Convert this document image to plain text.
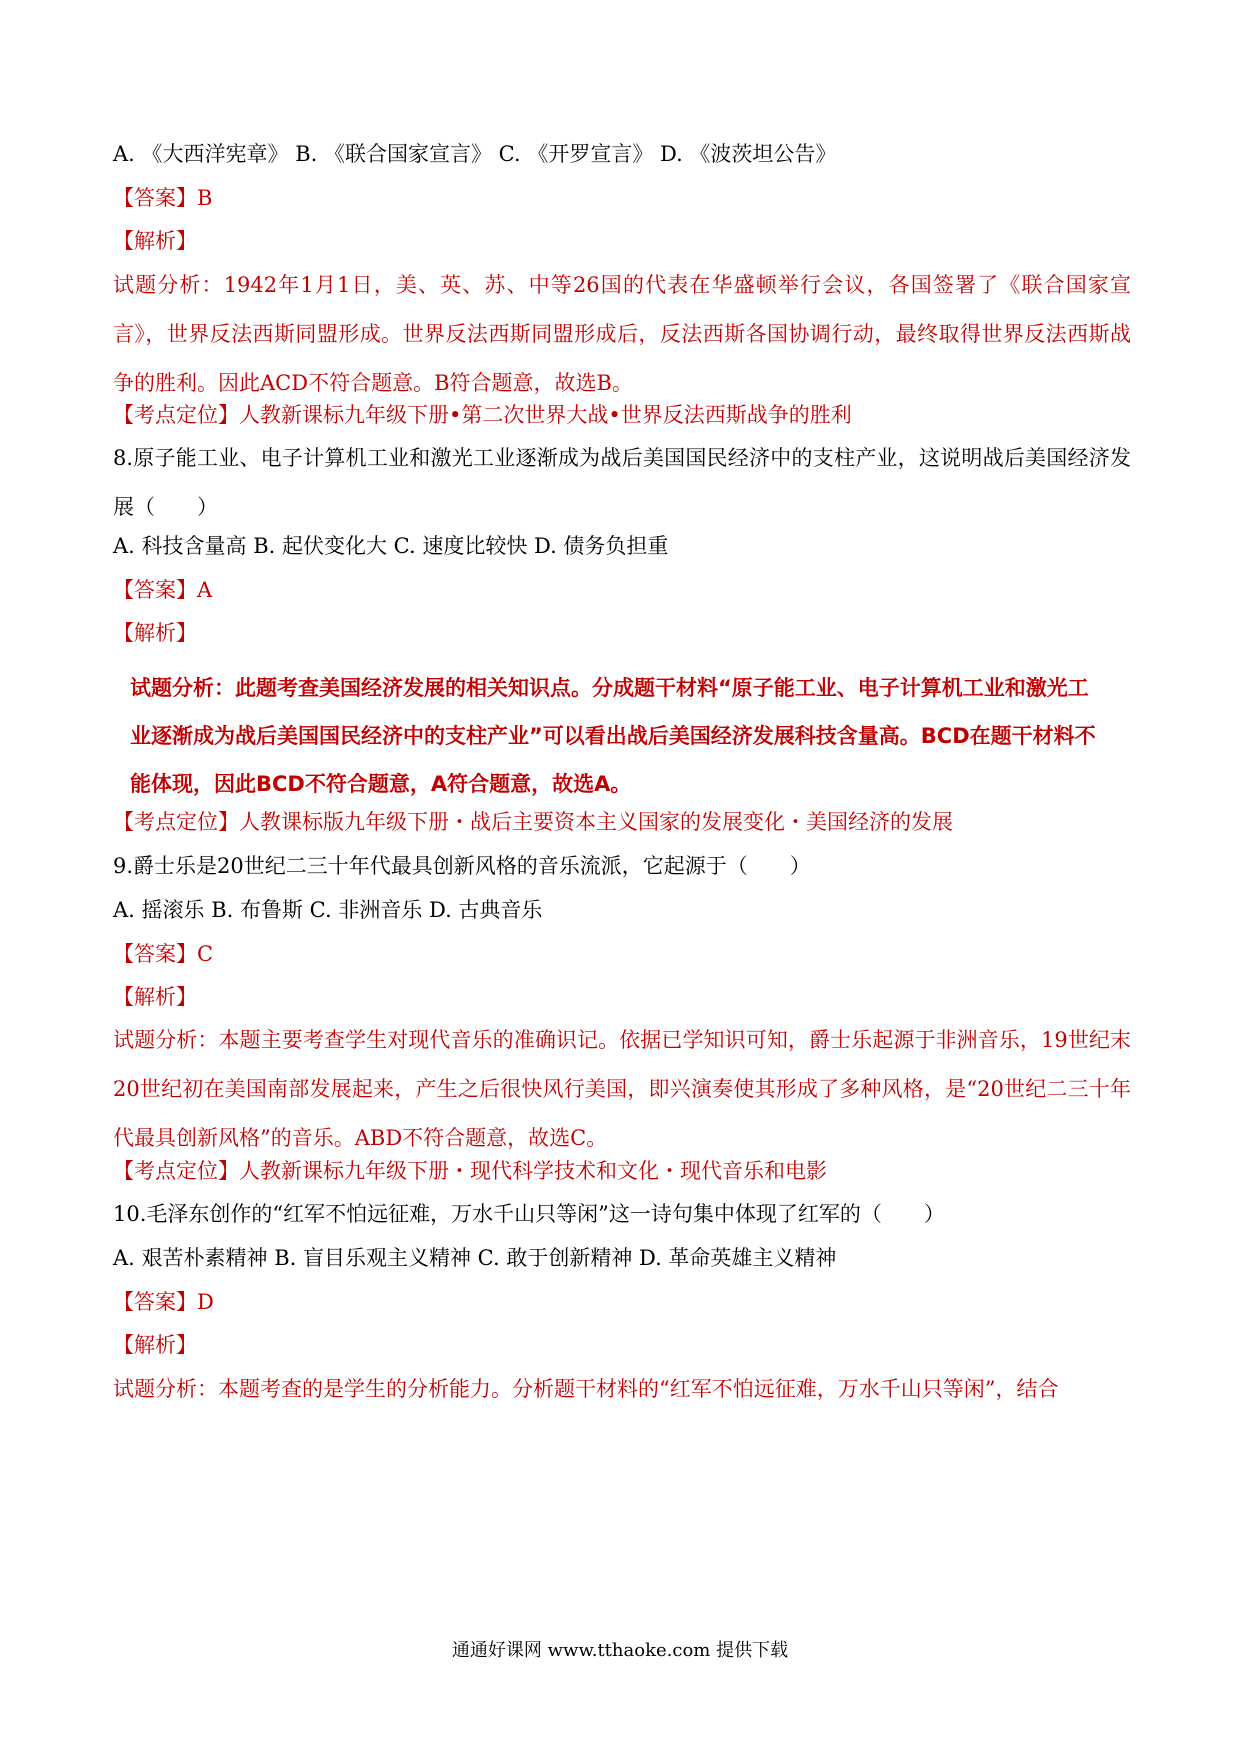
A. 《大西洋宪章》 B. 《联合国家宣言》 C. 《开罗宣言》 D. 《波茨坦公告》
【答案】B
【解析】
试题分析：1942年1月1日，美、英、苏、中等26国的代表在华盛顿举行会议，各国签署了《联合国家宣言》，世界反法西斯同盟形成。世界反法西斯同盟形成后，反法西斯各国协调行动，最终取得世界反法西斯战争的胜利。因此ACD不符合题意。B符合题意，故选B。
【考点定位】人教新课标九年级下册•第二次世界大战•世界反法西斯战争的胜利
8.原子能工业、电子计算机工业和激光工业逐渐成为战后美国国民经济中的支柱产业，这说明战后美国经济发展（　　）
A. 科技含量高 B. 起伏变化大 C. 速度比较快 D. 债务负担重
【答案】A
【解析】
试题分析：此题考查美国经济发展的相关知识点。分成题干材料“原子能工业、电子计算机工业和激光工业逐渐成为战后美国国民经济中的支柱产业”可以看出战后美国经济发展科技含量高。BCD在题干材料不能体现，因此BCD不符合题意，A符合题意，故选A。
【考点定位】人教课标版九年级下册・战后主要资本主义国家的发展变化・美国经济的发展
9.爵士乐是20世纪二三十年代最具创新风格的音乐流派，它起源于（　　）
A. 摇滚乐 B. 布鲁斯 C. 非洲音乐 D. 古典音乐
【答案】C
【解析】
试题分析：本题主要考查学生对现代音乐的准确识记。依据已学知识可知，爵士乐起源于非洲音乐，19世纪末20世纪初在美国南部发展起来，产生之后很快风行美国，即兴演奏使其形成了多种风格，是“20世纪二三十年代最具创新风格”的音乐。ABD不符合题意，故选C。
【考点定位】人教新课标九年级下册・现代科学技术和文化・现代音乐和电影
10.毛泽东创作的“红军不怕远征难，万水千山只等闲”这一诗句集中体现了红军的（　　）
A. 艰苦朴素精神 B. 盲目乐观主义精神 C. 敢于创新精神 D. 革命英雄主义精神
【答案】D
【解析】
试题分析：本题考查的是学生的分析能力。分析题干材料的“红军不怕远征难，万水千山只等闲”，结合
通通好课网 www.tthaoke.com 提供下载
